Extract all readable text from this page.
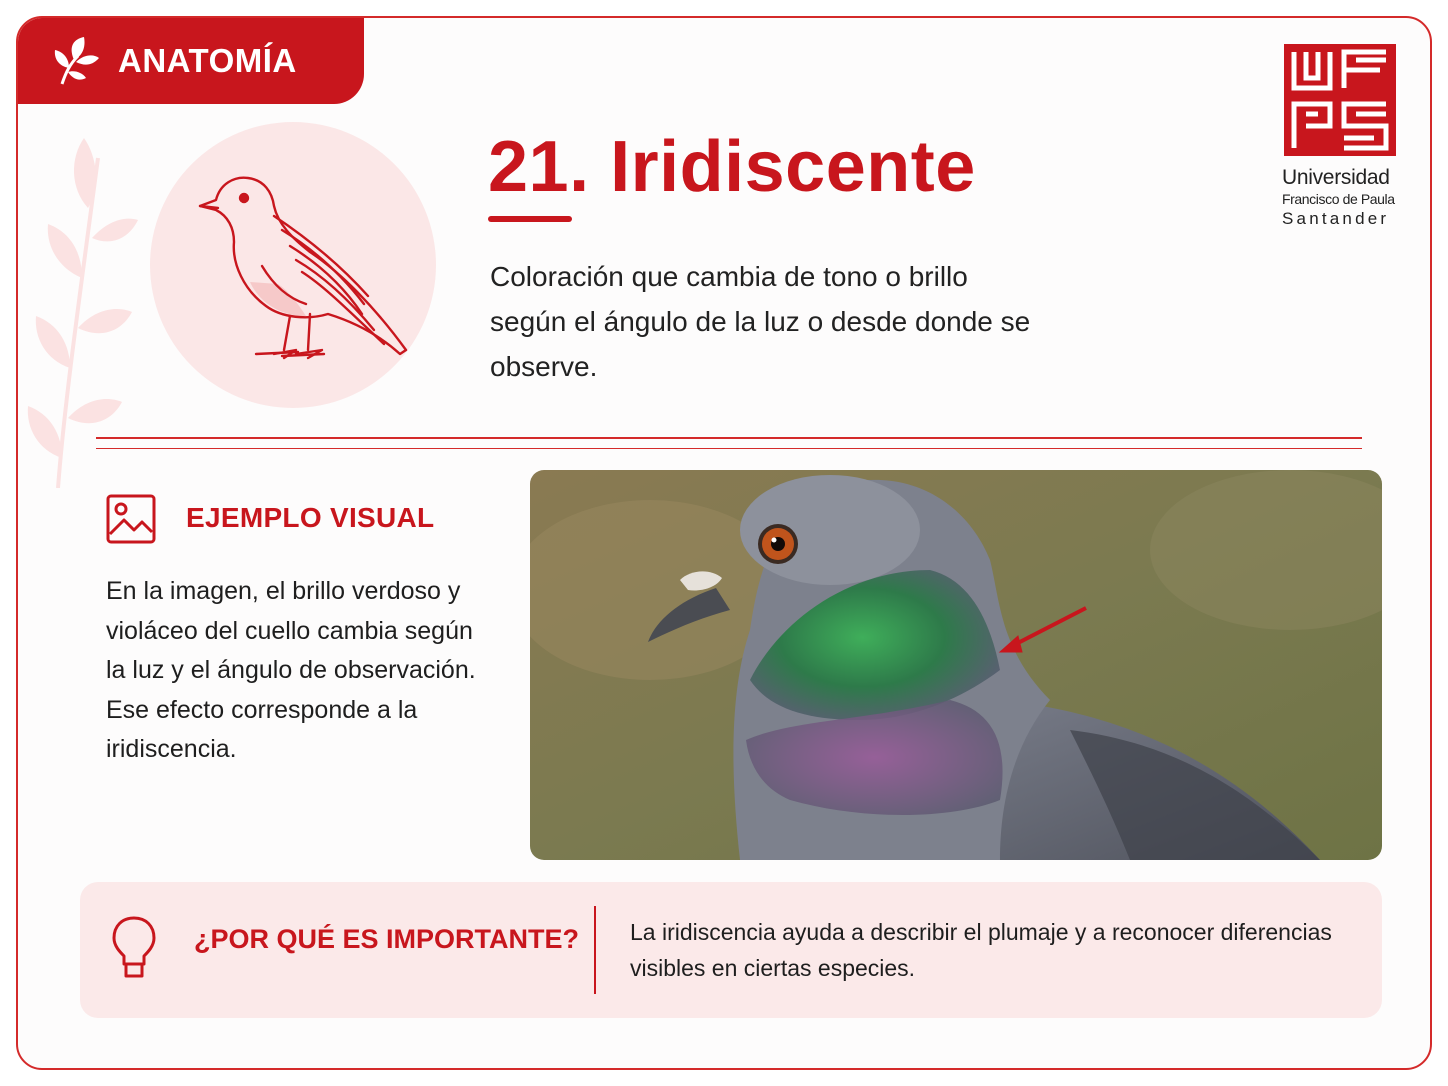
ANATOMÍA
21. Iridiscente

Coloración que cambia de tono o brillo según el ángulo de la luz o desde donde se observe.

Universidad
Francisco de Paula
Santander
EJEMPLO VISUAL

En la imagen, el brillo verdoso y violáceo del cuello cambia según la luz y el ángulo de observación. Ese efecto corresponde a la iridiscencia.

¿POR QUÉ ES IMPORTANTE? La iridiscencia ayuda a describir el plumaje y a reconocer diferencias visibles en ciertas especies.
